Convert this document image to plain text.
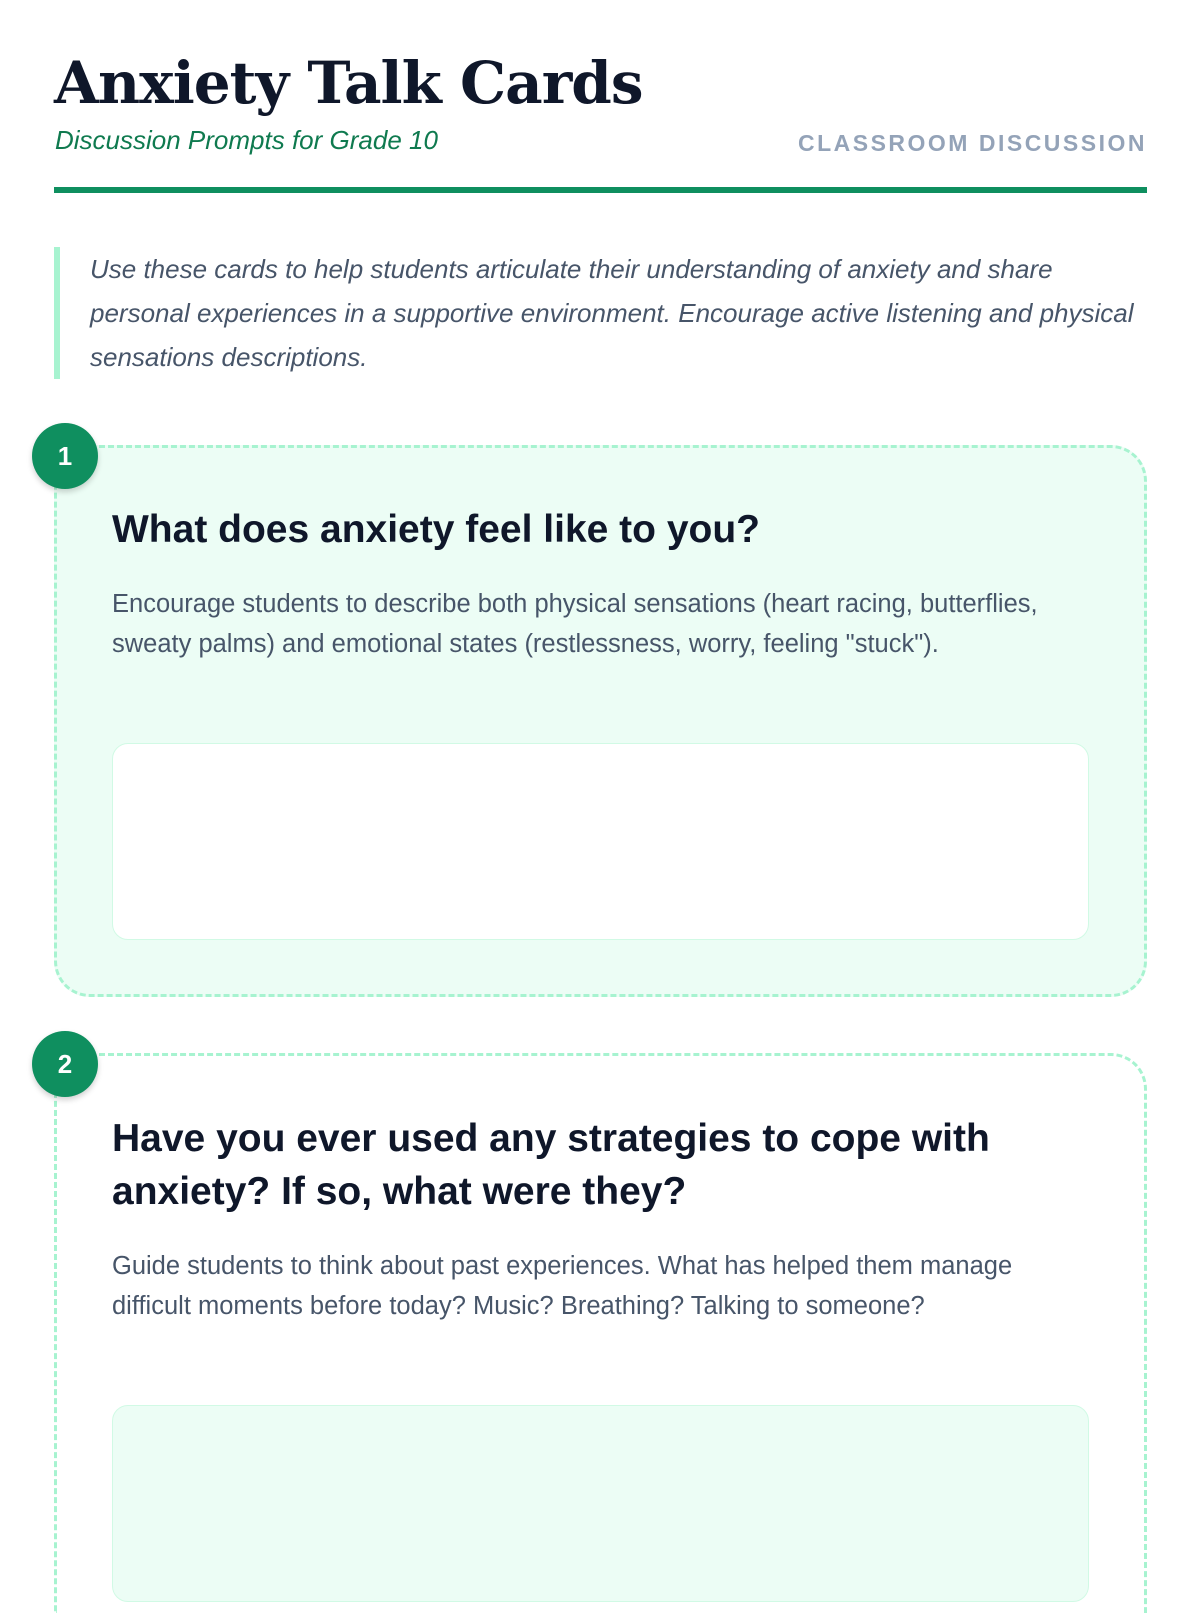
Anxiety Talk Cards
Discussion Prompts for Grade 10	CLASSROOM DISCUSSION
Use these cards to help students articulate their understanding of anxiety and share personal experiences in a supportive environment. Encourage active listening and physical sensations descriptions.
1
What does anxiety feel like to you?

Encourage students to describe both physical sensations (heart racing, butterflies, sweaty palms) and emotional states (restlessness, worry, feeling "stuck").

2
Have you ever used any strategies to cope with anxiety? If so, what were they?

Guide students to think about past experiences. What has helped them manage difficult moments before today? Music? Breathing? Talking to someone?
